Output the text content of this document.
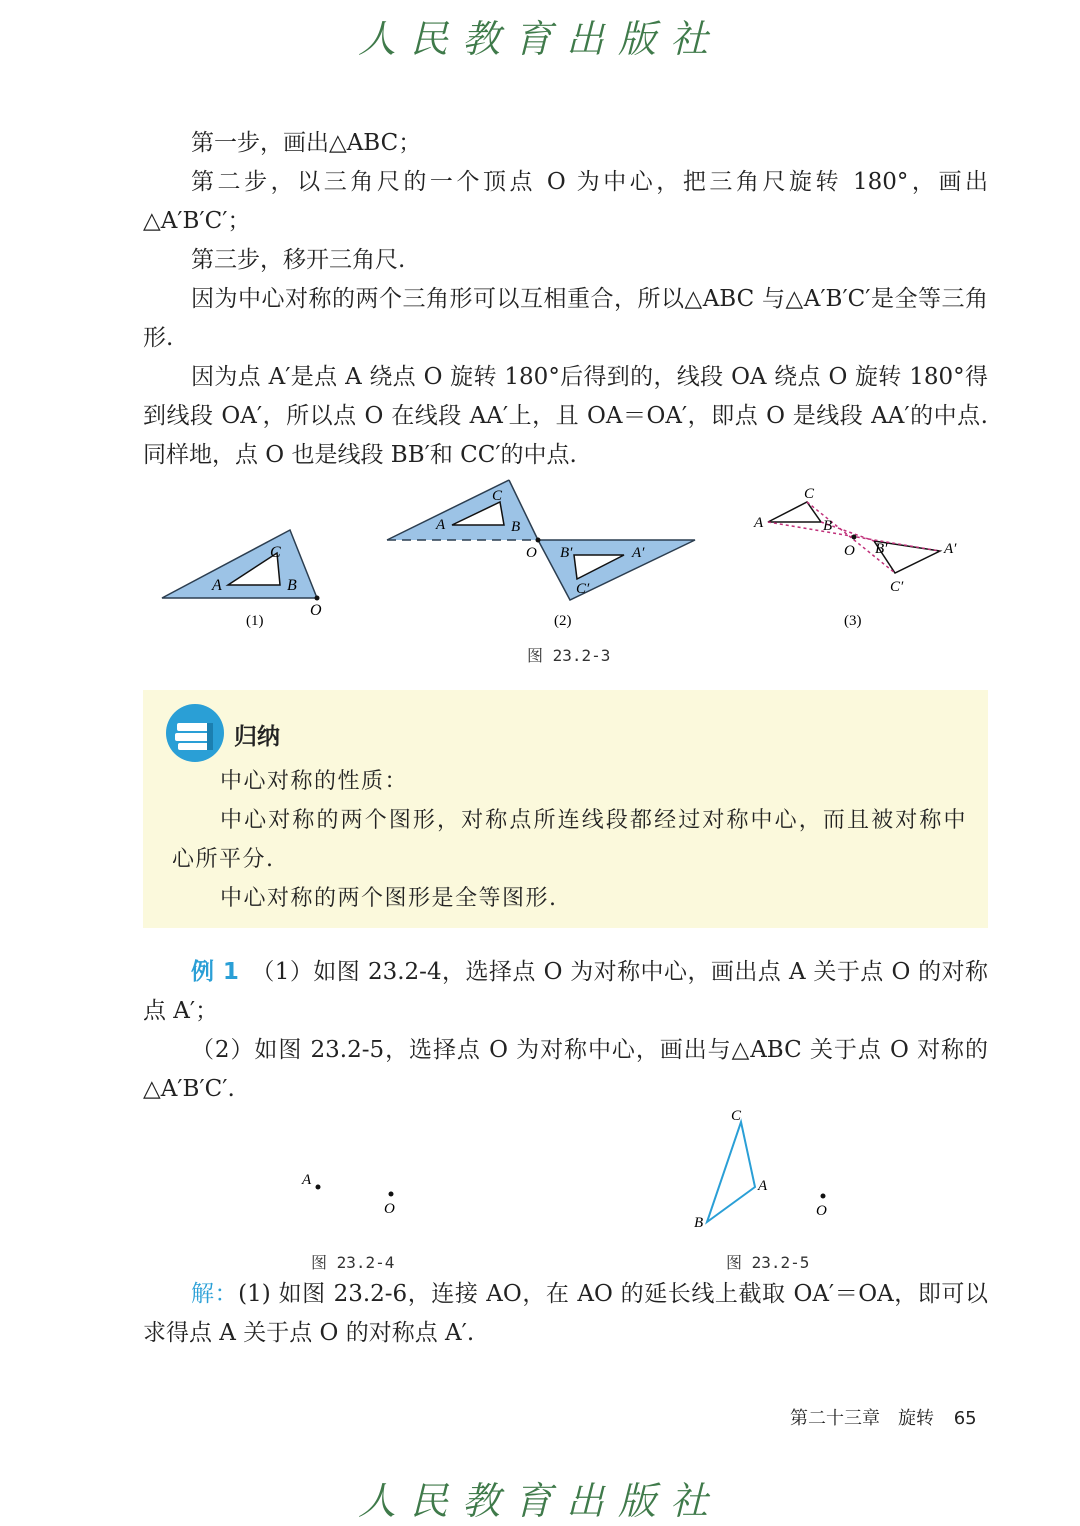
人民教育出版社

第一步，画出△ABC；

第二步，以三角尺的一个顶点 O 为中心，把三角尺旋转 180°，画出△A′B′C′；

第三步，移开三角尺.

因为中心对称的两个三角形可以互相重合，所以△ABC 与△A′B′C′是全等三角形.

因为点 A′是点 A 绕点 O 旋转 180°后得到的，线段 OA 绕点 O 旋转 180°得到线段 OA′，所以点 O 在线段 AA′上，且 OA＝OA′，即点 O 是线段 AA′的中点. 同样地，点 O 也是线段 BB′和 CC′的中点.

C
A	B
O
(1)
C
A	B
O B′	A′
C′
(2)
C
A	B
O B′	A′
C′
(3)
图 23.2-3
归纳

中心对称的性质：

中心对称的两个图形，对称点所连线段都经过对称中心，而且被对称中心所平分.

中心对称的两个图形是全等图形.

例 1　 （1）如图 23.2-4，选择点 O 为对称中心，画出点 A 关于点 O 的对称点 A′；

（2）如图 23.2-5，选择点 O 为对称中心，画出与△ABC 关于点 O 对称的△A′B′C′.

A
O
图 23.2-4
C
A
B
O
图 23.2-5

解：(1) 如图 23.2-6，连接 AO，在 AO 的延长线上截取 OA′＝OA，即可以求得点 A 关于点 O 的对称点 A′.

第二十三章　旋转 65
人民教育出版社
